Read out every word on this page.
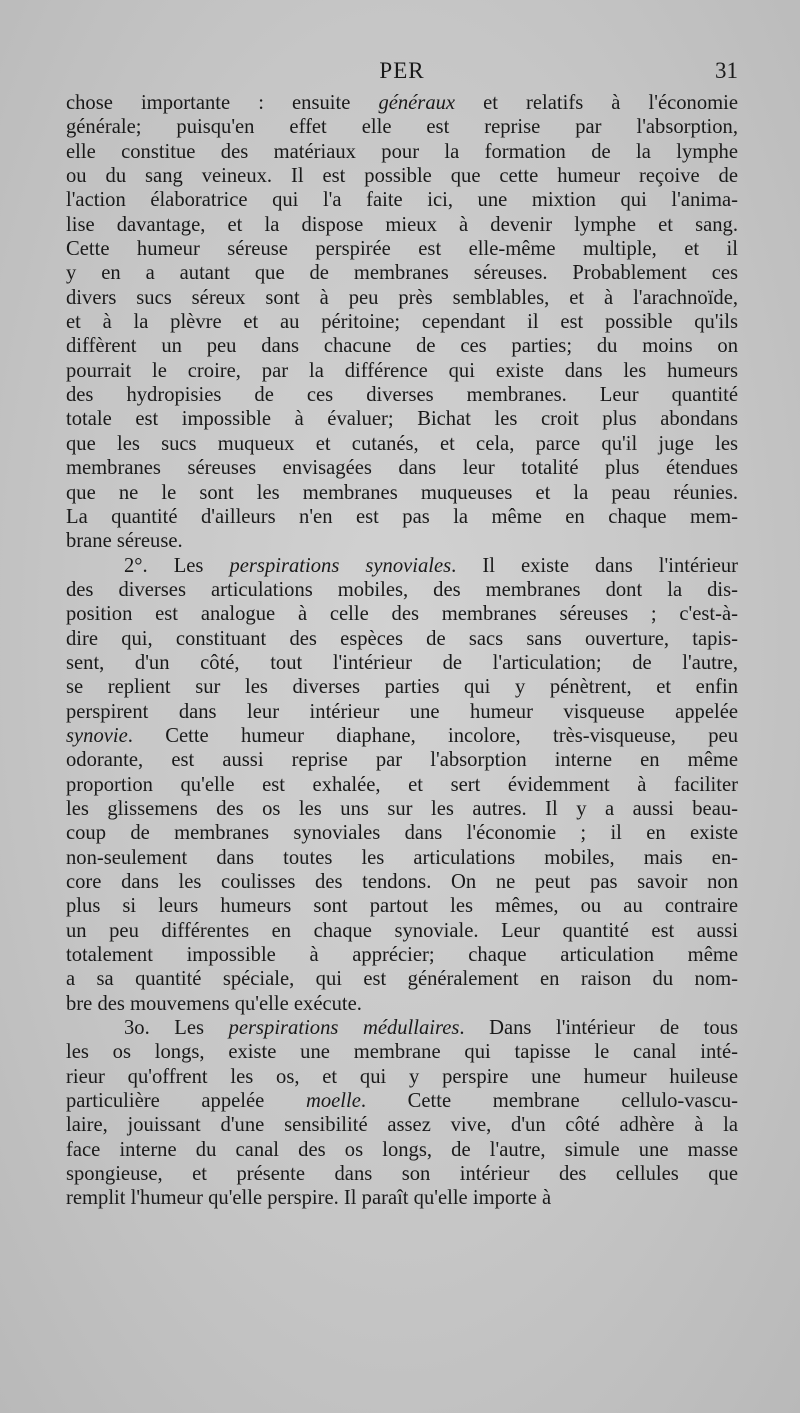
PER	31
chose importante : ensuite généraux et relatifs à l'économie
générale; puisqu'en effet elle est reprise par l'absorption,
elle constitue des matériaux pour la formation de la lymphe
ou du sang veineux. Il est possible que cette humeur reçoive de
l'action élaboratrice qui l'a faite ici, une mixtion qui l'anima-
lise davantage, et la dispose mieux à devenir lymphe et sang.
Cette humeur séreuse perspirée est elle-même multiple, et il
y en a autant que de membranes séreuses. Probablement ces
divers sucs séreux sont à peu près semblables, et à l'arachnoïde,
et à la plèvre et au péritoine; cependant il est possible qu'ils
diffèrent un peu dans chacune de ces parties; du moins on
pourrait le croire, par la différence qui existe dans les humeurs
des hydropisies de ces diverses membranes. Leur quantité
totale est impossible à évaluer; Bichat les croit plus abondans
que les sucs muqueux et cutanés, et cela, parce qu'il juge les
membranes séreuses envisagées dans leur totalité plus étendues
que ne le sont les membranes muqueuses et la peau réunies.
La quantité d'ailleurs n'en est pas la même en chaque mem-
brane séreuse.
2°. Les perspirations synoviales. Il existe dans l'intérieur
des diverses articulations mobiles, des membranes dont la dis-
position est analogue à celle des membranes séreuses ; c'est-à-
dire qui, constituant des espèces de sacs sans ouverture, tapis-
sent, d'un côté, tout l'intérieur de l'articulation; de l'autre,
se replient sur les diverses parties qui y pénètrent, et enfin
perspirent dans leur intérieur une humeur visqueuse appelée
synovie. Cette humeur diaphane, incolore, très-visqueuse, peu
odorante, est aussi reprise par l'absorption interne en même
proportion qu'elle est exhalée, et sert évidemment à faciliter
les glissemens des os les uns sur les autres. Il y a aussi beau-
coup de membranes synoviales dans l'économie ; il en existe
non-seulement dans toutes les articulations mobiles, mais en-
core dans les coulisses des tendons. On ne peut pas savoir non
plus si leurs humeurs sont partout les mêmes, ou au contraire
un peu différentes en chaque synoviale. Leur quantité est aussi
totalement impossible à apprécier; chaque articulation même
a sa quantité spéciale, qui est généralement en raison du nom-
bre des mouvemens qu'elle exécute.
3o. Les perspirations médullaires. Dans l'intérieur de tous
les os longs, existe une membrane qui tapisse le canal inté-
rieur qu'offrent les os, et qui y perspire une humeur huileuse
particulière appelée moelle. Cette membrane cellulo-vascu-
laire, jouissant d'une sensibilité assez vive, d'un côté adhère à la
face interne du canal des os longs, de l'autre, simule une masse
spongieuse, et présente dans son intérieur des cellules que
remplit l'humeur qu'elle perspire. Il paraît qu'elle importe à
